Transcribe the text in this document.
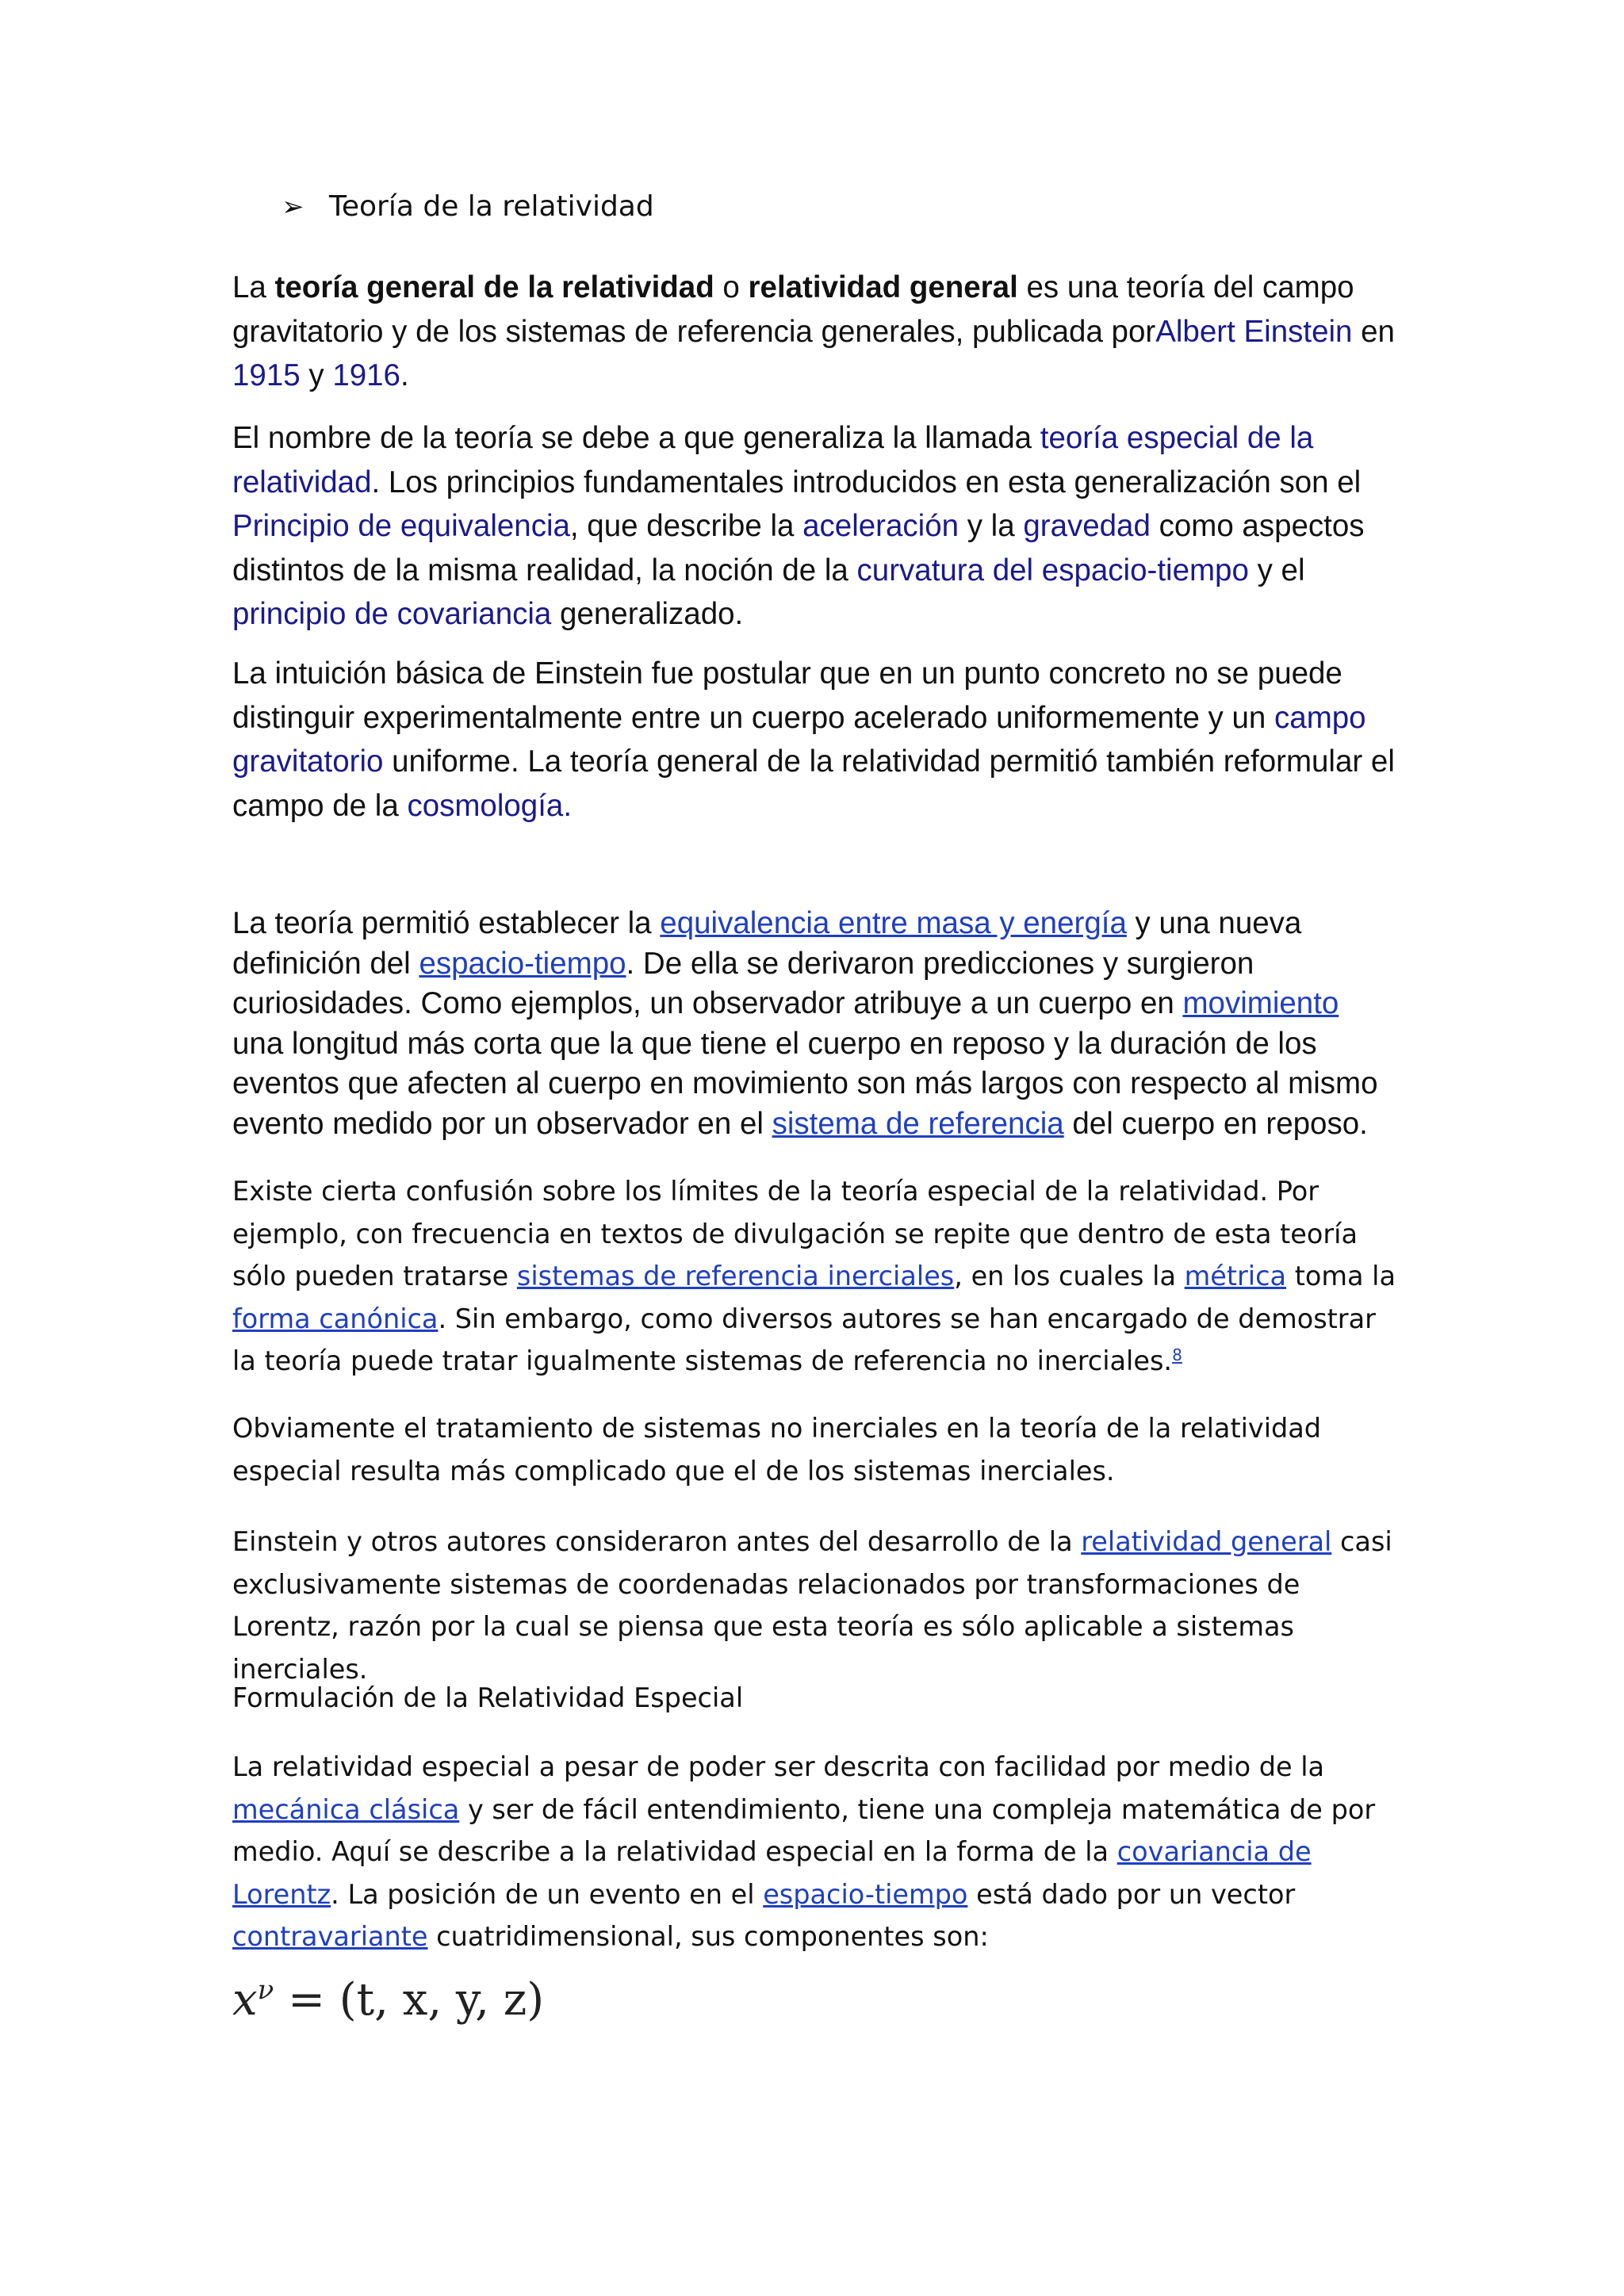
➢ Teoría de la relatividad

La teoría general de la relatividad o relatividad general es una teoría del campo gravitatorio y de los sistemas de referencia generales, publicada porAlbert Einstein en 1915 y 1916.

El nombre de la teoría se debe a que generaliza la llamada teoría especial de la relatividad. Los principios fundamentales introducidos en esta generalización son el Principio de equivalencia, que describe la aceleración y la gravedad como aspectos distintos de la misma realidad, la noción de la curvatura del espacio-tiempo y el principio de covariancia generalizado.

La intuición básica de Einstein fue postular que en un punto concreto no se puede distinguir experimentalmente entre un cuerpo acelerado uniformemente y un campo gravitatorio uniforme. La teoría general de la relatividad permitió también reformular el campo de la cosmología.

La teoría permitió establecer la equivalencia entre masa y energía y una nueva definición del espacio-tiempo. De ella se derivaron predicciones y surgieron curiosidades. Como ejemplos, un observador atribuye a un cuerpo en movimiento una longitud más corta que la que tiene el cuerpo en reposo y la duración de los eventos que afecten al cuerpo en movimiento son más largos con respecto al mismo evento medido por un observador en el sistema de referencia del cuerpo en reposo.

Existe cierta confusión sobre los límites de la teoría especial de la relatividad. Por ejemplo, con frecuencia en textos de divulgación se repite que dentro de esta teoría sólo pueden tratarse sistemas de referencia inerciales, en los cuales la métrica toma la forma canónica. Sin embargo, como diversos autores se han encargado de demostrar la teoría puede tratar igualmente sistemas de referencia no inerciales.$^8$

Obviamente el tratamiento de sistemas no inerciales en la teoría de la relatividad especial resulta más complicado que el de los sistemas inerciales.

Einstein y otros autores consideraron antes del desarrollo de la relatividad general casi exclusivamente sistemas de coordenadas relacionados por transformaciones de Lorentz, razón por la cual se piensa que esta teoría es sólo aplicable a sistemas inerciales.

Formulación de la Relatividad Especial

La relatividad especial a pesar de poder ser descrita con facilidad por medio de la mecánica clásica y ser de fácil entendimiento, tiene una compleja matemática de por medio. Aquí se describe a la relatividad especial en la forma de la covariancia de Lorentz. La posición de un evento en el espacio-tiempo está dado por un vector contravariante cuatridimensional, sus componentes son:

$x^\nu = (t$, x, y, z)
